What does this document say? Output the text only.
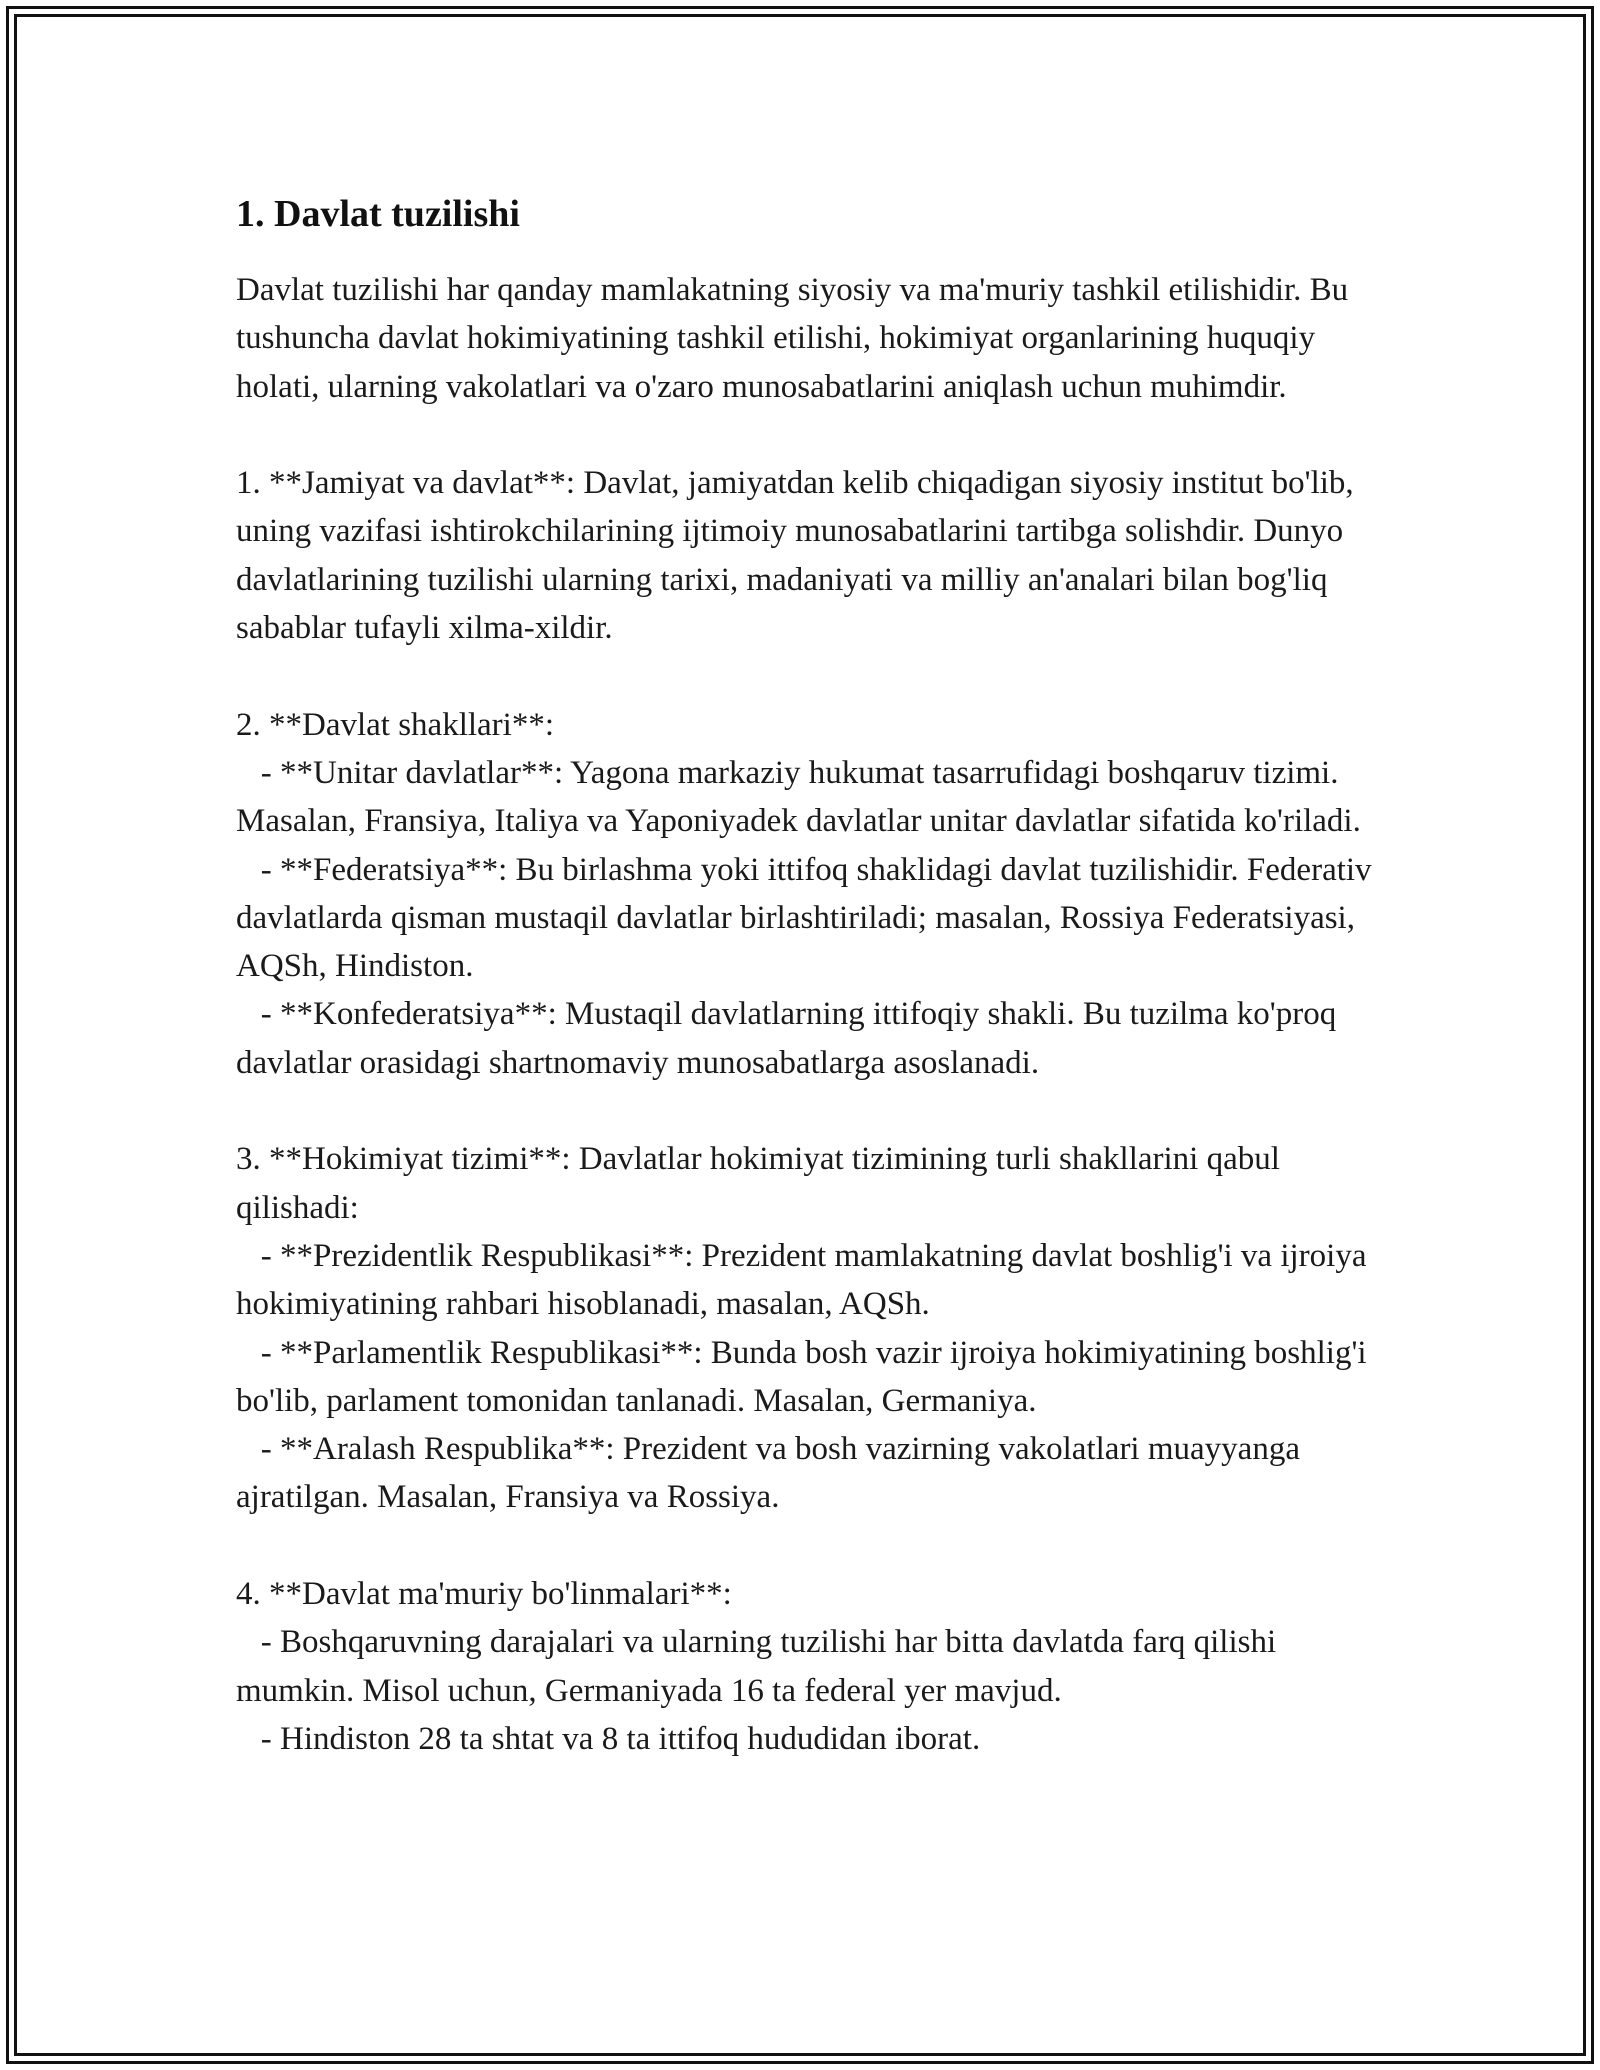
1. Davlat tuzilishi

Davlat tuzilishi har qanday mamlakatning siyosiy va ma'muriy tashkil etilishidir. Bu tushuncha davlat hokimiyatining tashkil etilishi, hokimiyat organlarining huquqiy holati, ularning vakolatlari va o'zaro munosabatlarini aniqlash uchun muhimdir.

1. **Jamiyat va davlat**: Davlat, jamiyatdan kelib chiqadigan siyosiy institut bo'lib, uning vazifasi ishtirokchilarining ijtimoiy munosabatlarini tartibga solishdir. Dunyo davlatlarining tuzilishi ularning tarixi, madaniyati va milliy an'analari bilan bog'liq sabablar tufayli xilma-xildir.

2. **Davlat shakllari**:
- **Unitar davlatlar**: Yagona markaziy hukumat tasarrufidagi boshqaruv tizimi. Masalan, Fransiya, Italiya va Yaponiyadek davlatlar unitar davlatlar sifatida ko'riladi.
- **Federatsiya**: Bu birlashma yoki ittifoq shaklidagi davlat tuzilishidir. Federativ davlatlarda qisman mustaqil davlatlar birlashtiriladi; masalan, Rossiya Federatsiyasi, AQSh, Hindiston.
- **Konfederatsiya**: Mustaqil davlatlarning ittifoqiy shakli. Bu tuzilma ko'proq davlatlar orasidagi shartnomaviy munosabatlarga asoslanadi.

3. **Hokimiyat tizimi**: Davlatlar hokimiyat tizimining turli shakllarini qabul qilishadi:
- **Prezidentlik Respublikasi**: Prezident mamlakatning davlat boshlig'i va ijroiya hokimiyatining rahbari hisoblanadi, masalan, AQSh.
- **Parlamentlik Respublikasi**: Bunda bosh vazir ijroiya hokimiyatining boshlig'i bo'lib, parlament tomonidan tanlanadi. Masalan, Germaniya.
- **Aralash Respublika**: Prezident va bosh vazirning vakolatlari muayyanga ajratilgan. Masalan, Fransiya va Rossiya.

4. **Davlat ma'muriy bo'linmalari**:
- Boshqaruvning darajalari va ularning tuzilishi har bitta davlatda farq qilishi mumkin. Misol uchun, Germaniyada 16 ta federal yer mavjud.
- Hindiston 28 ta shtat va 8 ta ittifoq hududidan iborat.
